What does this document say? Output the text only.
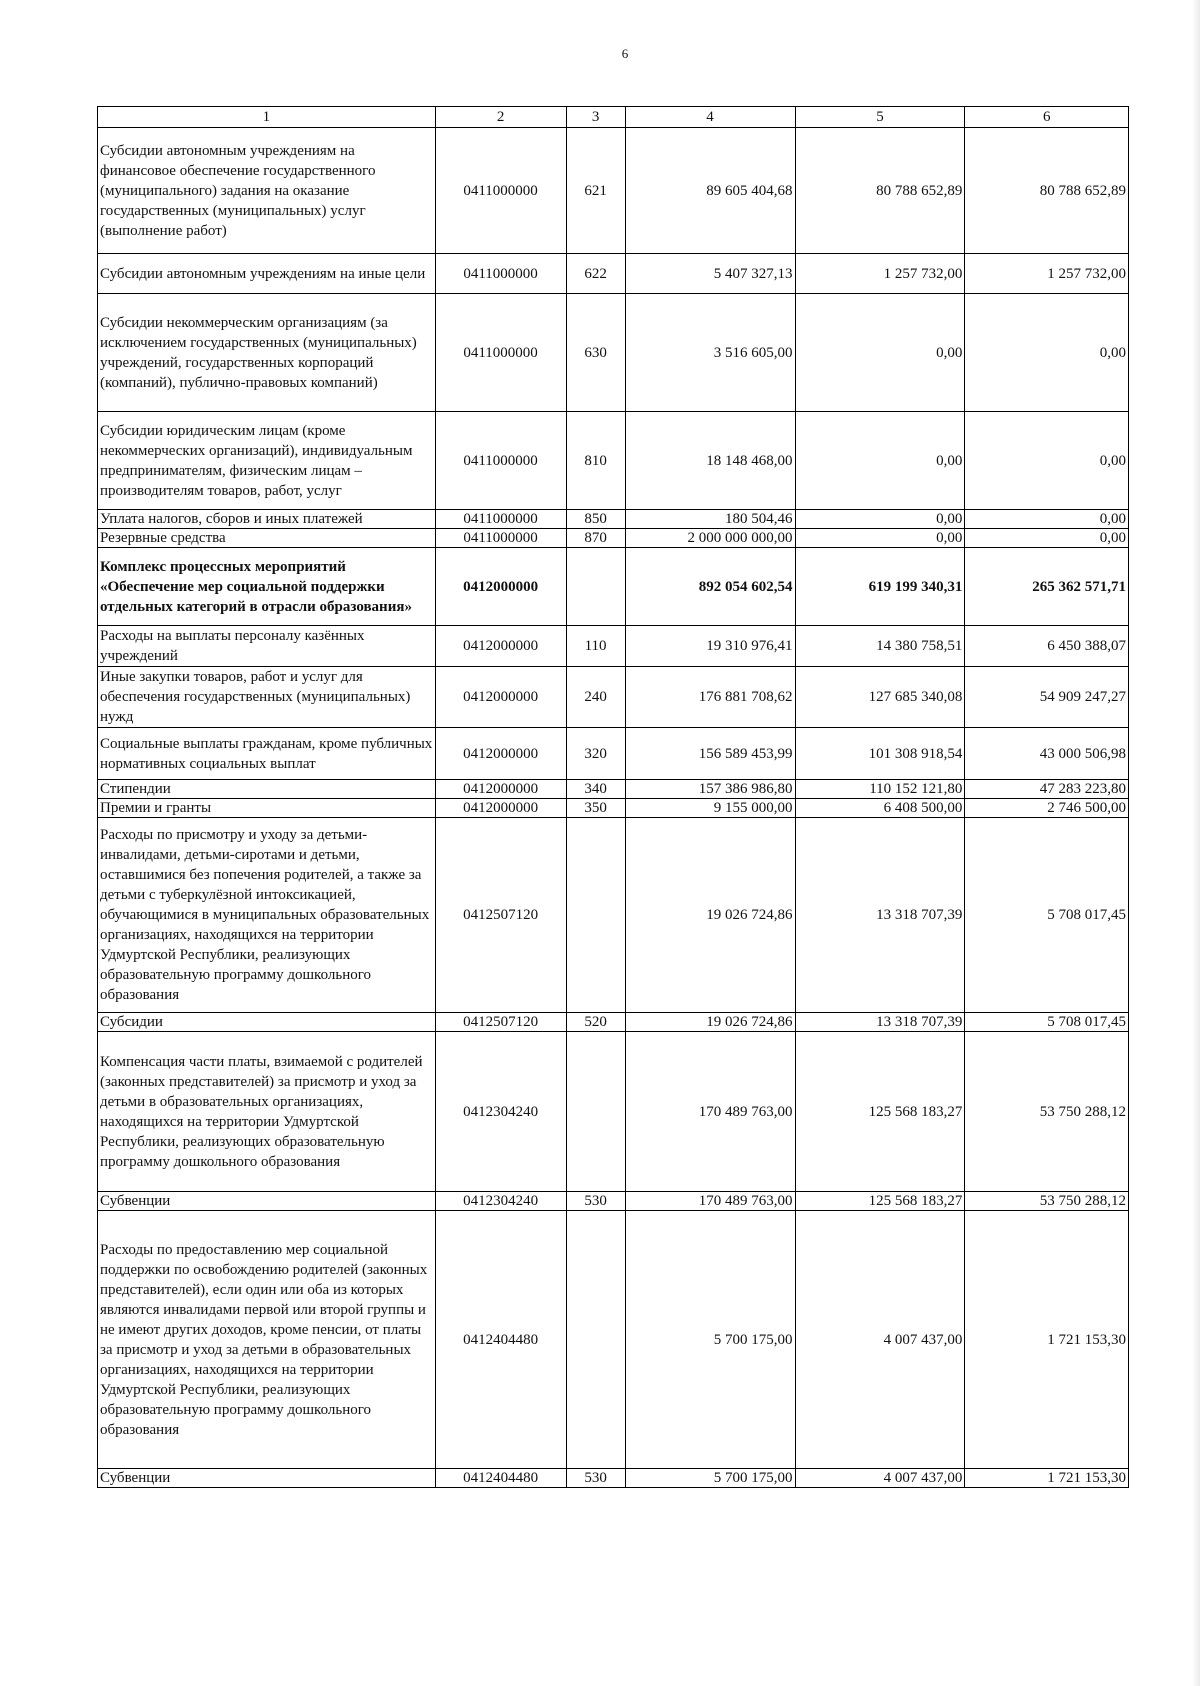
6
1	2	3	4	5	6
Субсидии автономным учреждениям на финансовое обеспечение государственного (муниципального) задания на оказание государственных (муниципальных) услуг (выполнение работ)	0411000000	621	89 605 404,68	80 788 652,89	80 788 652,89
Субсидии автономным учреждениям на иные цели	0411000000	622	5 407 327,13	1 257 732,00	1 257 732,00
Субсидии некоммерческим организациям (за исключением государственных (муниципальных) учреждений, государственных корпораций (компаний), публично-правовых компаний)	0411000000	630	3 516 605,00	0,00	0,00
Субсидии юридическим лицам (кроме некоммерческих организаций), индивидуальным предпринимателям, физическим лицам – производителям товаров, работ, услуг	0411000000	810	18 148 468,00	0,00	0,00
Уплата налогов, сборов и иных платежей	0411000000	850	180 504,46	0,00	0,00
Резервные средства	0411000000	870	2 000 000 000,00	0,00	0,00
Комплекс процессных мероприятий «Обеспечение мер социальной поддержки отдельных категорий в отрасли образования»	0412000000		892 054 602,54	619 199 340,31	265 362 571,71
Расходы на выплаты персоналу казённых учреждений	0412000000	110	19 310 976,41	14 380 758,51	6 450 388,07
Иные закупки товаров, работ и услуг для обеспечения государственных (муниципальных) нужд	0412000000	240	176 881 708,62	127 685 340,08	54 909 247,27
Социальные выплаты гражданам, кроме публичных нормативных социальных выплат	0412000000	320	156 589 453,99	101 308 918,54	43 000 506,98
Стипендии	0412000000	340	157 386 986,80	110 152 121,80	47 283 223,80
Премии и гранты	0412000000	350	9 155 000,00	6 408 500,00	2 746 500,00
Расходы по присмотру и уходу за детьми-инвалидами, детьми-сиротами и детьми, оставшимися без попечения родителей, а также за детьми с туберкулёзной интоксикацией, обучающимися в муниципальных образовательных организациях, находящихся на территории Удмуртской Республики, реализующих образовательную программу дошкольного образования	0412507120		19 026 724,86	13 318 707,39	5 708 017,45
Субсидии	0412507120	520	19 026 724,86	13 318 707,39	5 708 017,45
Компенсация части платы, взимаемой с родителей (законных представителей) за присмотр и уход за детьми в образовательных организациях, находящихся на территории Удмуртской Республики, реализующих образовательную программу дошкольного образования	0412304240		170 489 763,00	125 568 183,27	53 750 288,12
Субвенции	0412304240	530	170 489 763,00	125 568 183,27	53 750 288,12
Расходы по предоставлению мер социальной поддержки по освобождению родителей (законных представителей), если один или оба из которых являются инвалидами первой или второй группы и не имеют других доходов, кроме пенсии, от платы за присмотр и уход за детьми в образовательных организациях, находящихся на территории Удмуртской Республики, реализующих образовательную программу дошкольного образования	0412404480		5 700 175,00	4 007 437,00	1 721 153,30
Субвенции	0412404480	530	5 700 175,00	4 007 437,00	1 721 153,30
